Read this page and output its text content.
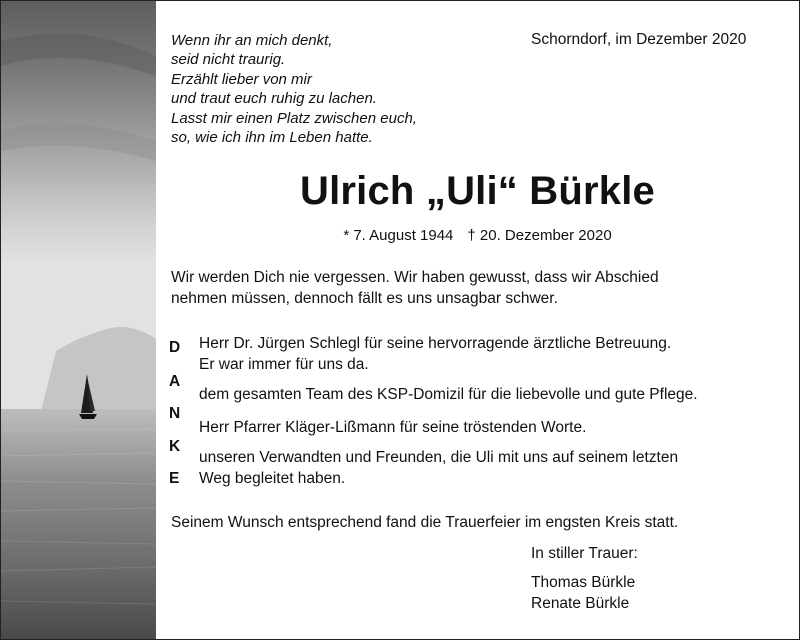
Wenn ihr an mich denkt,
seid nicht traurig.
Erzählt lieber von mir
und traut euch ruhig zu lachen.
Lasst mir einen Platz zwischen euch,
so, wie ich ihn im Leben hatte.
Schorndorf, im Dezember 2020
Ulrich „Uli“ Bürkle
* 7. August 1944 † 20. Dezember 2020
Wir werden Dich nie vergessen. Wir haben gewusst, dass wir Abschied
nehmen müssen, dennoch fällt es uns unsagbar schwer.
D
A
N
K
E
Herr Dr. Jürgen Schlegl für seine hervorragende ärztliche Betreuung.
Er war immer für uns da.
dem gesamten Team des KSP-Domizil für die liebevolle und gute Pflege.
Herr Pfarrer Kläger-Lißmann für seine tröstenden Worte.
unseren Verwandten und Freunden, die Uli mit uns auf seinem letzten
Weg begleitet haben.
Seinem Wunsch entsprechend fand die Trauerfeier im engsten Kreis statt.
In stiller Trauer:
Thomas Bürkle
Renate Bürkle
